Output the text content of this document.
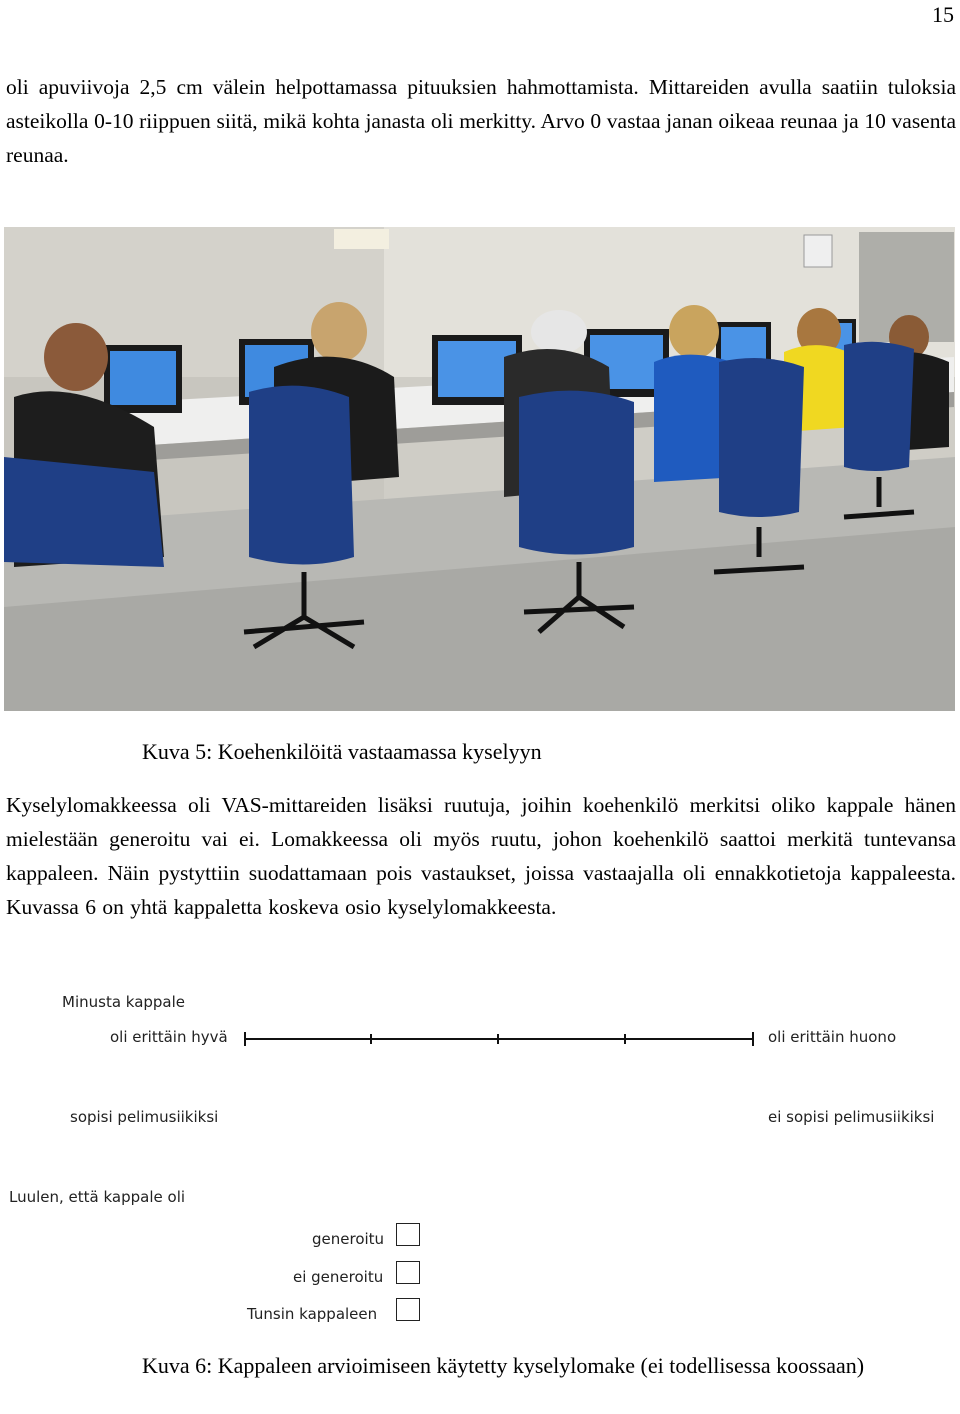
15

oli apuviivoja 2,5 cm välein helpottamassa pituuksien hahmottamista. Mittareiden avulla saatiin tuloksia asteikolla 0-10 riippuen siitä, mikä kohta janasta oli merkitty. Arvo 0 vastaa janan oikeaa reunaa ja 10 vasenta reunaa.

Kuva 5: Koehenkilöitä vastaamassa kyselyyn

Kyselylomakkeessa oli VAS-mittareiden lisäksi ruutuja, joihin koehenkilö merkitsi oliko kappale hänen mielestään generoitu vai ei. Lomakkeessa oli myös ruutu, johon koehenkilö saattoi merkitä tuntevansa kappaleen. Näin pystyttiin suodattamaan pois vastaukset, joissa vastaajalla oli ennakkotietoja kappaleesta. Kuvassa 6 on yhtä kappaletta koskeva osio kyselylomakkeesta.

Minusta kappale
oli erittäin hyvä	oli erittäin huono
sopisi pelimusiikiksi	ei sopisi pelimusiikiksi
Luulen, että kappale oli
generoitu
ei generoitu
Tunsin kappaleen

Kuva 6: Kappaleen arvioimiseen käytetty kyselylomake (ei todellisessa koossaan)
